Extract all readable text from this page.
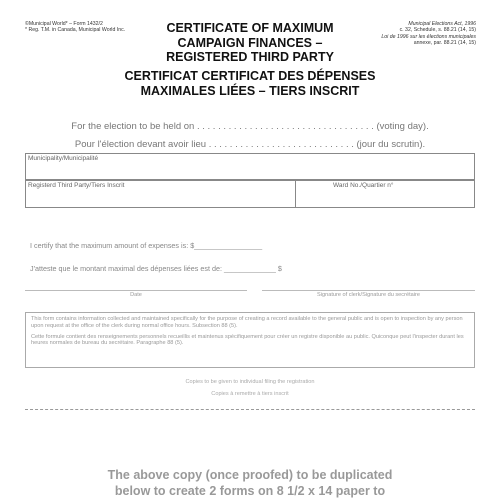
©Municipal World* – Form 1432/2
* Reg. T.M. in Canada, Municipal World Inc.
Municipal Elections Act, 1996
c. 32, Schedule, s. 88.21 (14, 15)
Loi de 1996 sur les élections municipales
annexe, par. 88.21 (14, 15)
CERTIFICATE OF MAXIMUM
CAMPAIGN FINANCES –
REGISTERED THIRD PARTY
CERTIFICAT CERTIFICAT DES DÉPENSES
MAXIMALES LIÉES – TIERS INSCRIT
For the election to be held on . . . . . . . . . . . . . . . . . . . . . . . . . . . . . . . . . . (voting day).
Pour l'élection devant avoir lieu . . . . . . . . . . . . . . . . . . . . . . . . . . . . (jour du scrutin).
Municipality/Municipalité
Registerd Third Party/Tiers Inscrit	Ward No./Quartier n°
I certify that the maximum amount of expenses is: $_________________
J'atteste que le montant maximal des dépenses liées est de: _____________ $
Date	Signature of clerk/Signature du secrétaire

This form contains information collected and maintained specifically for the purpose of creating a record available to the general public and is open to inspection by any person upon request at the office of the clerk during normal office hours. Subsection 88 (5).

Cette formule contient des renseignements personnels recueillis et maintenus spécifiquement pour créer un registre disponible au public. Quiconque peut l'inspecter durant les heures normales de bureau du secrétaire. Paragraphe 88 (5).

Copies to be given to individual filing the registration
Copies à remettre à tiers inscrit
The above copy (once proofed) to be duplicated
below to create 2 forms on 8 1/2 x 14 paper to
